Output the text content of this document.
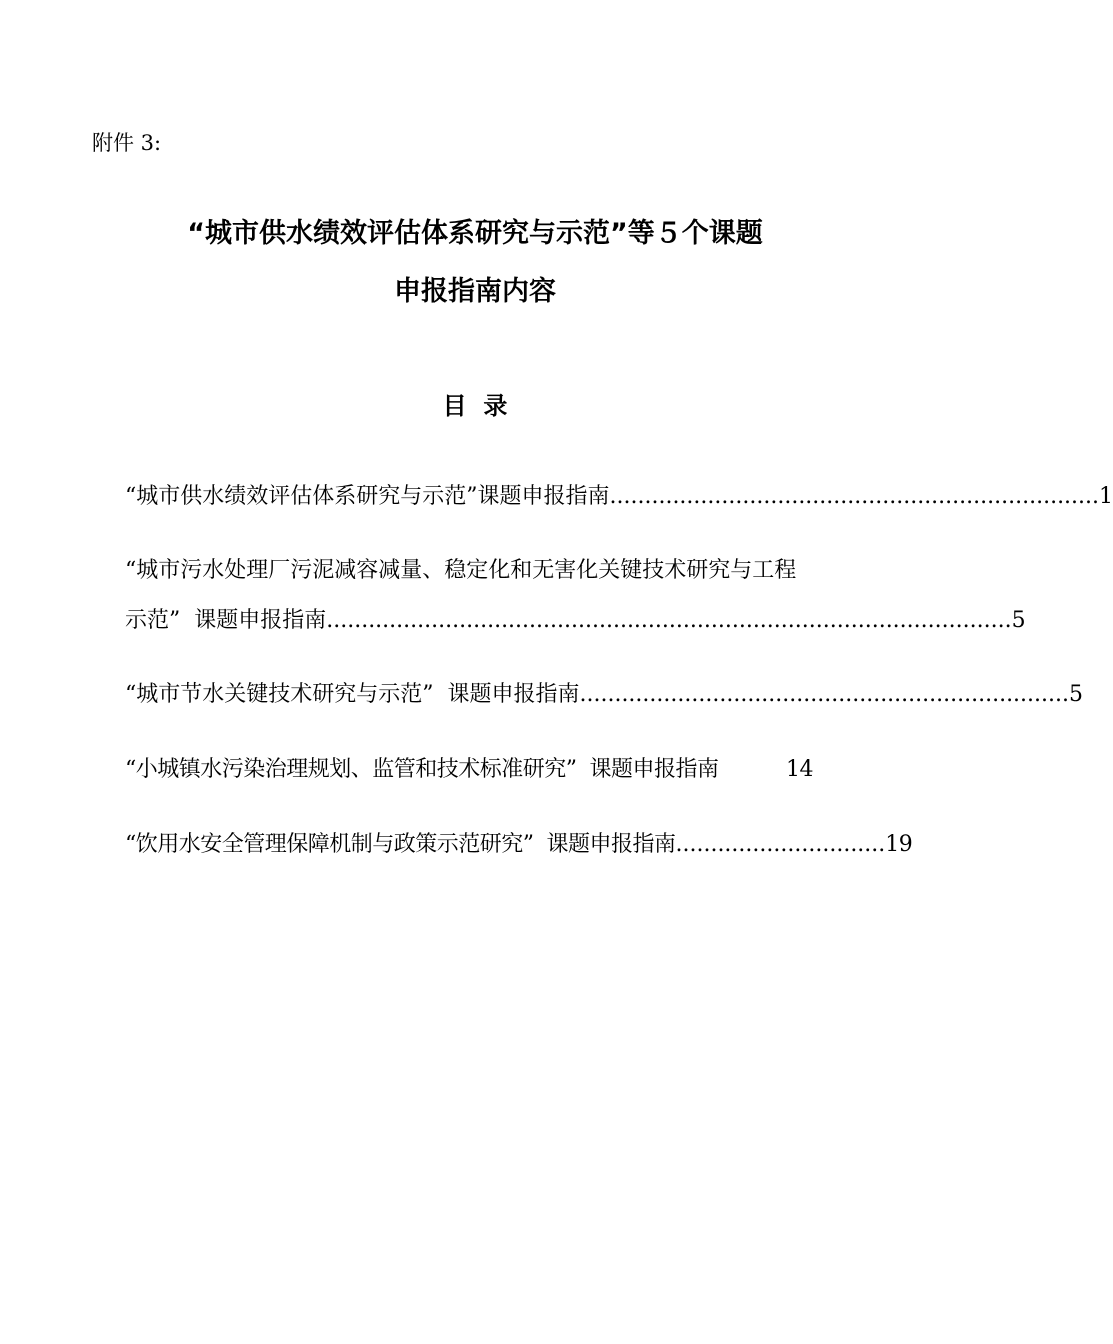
附件 3:
“城市供水绩效评估体系研究与示范”等５个课题
申报指南内容
目  录
“城市供水绩效评估体系研究与示范”课题申报指南 ...................................................................... 1
“城市污水处理厂污泥减容减量、稳定化和无害化关键技术研究与工程
示范”  课题申报指南 .................................................................................................. 5
“城市节水关键技术研究与示范”  课题申报指南 ...................................................................... 5
“小城镇水污染治理规划、监管和技术标准研究”  课题申报指南	14
“饮用水安全管理保障机制与政策示范研究”  课题申报指南 .............................. 19
